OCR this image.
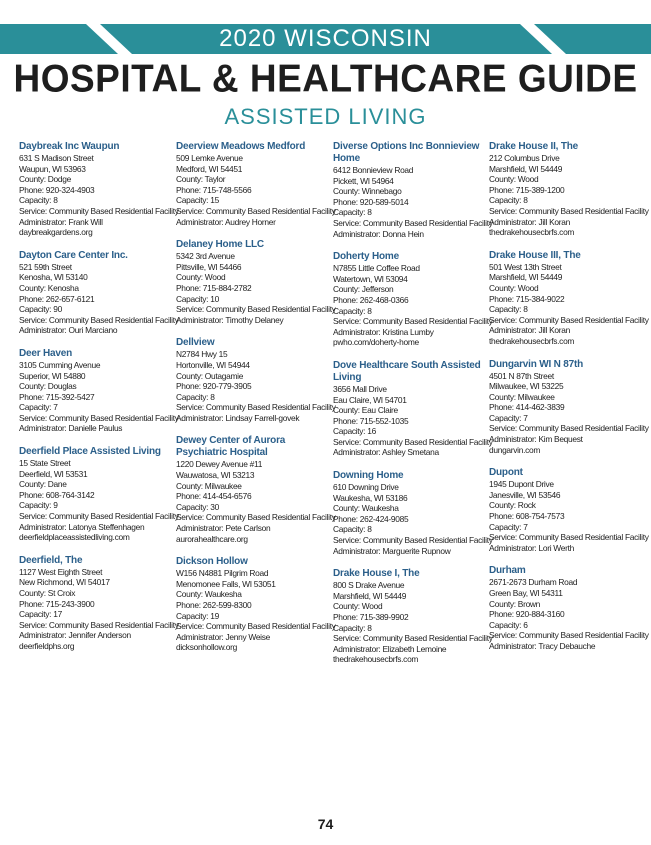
2020 WISCONSIN
HOSPITAL & HEALTHCARE GUIDE
ASSISTED LIVING
Daybreak Inc Waupun
631 S Madison Street
Waupun, WI 53963
County: Dodge
Phone: 920-324-4903
Capacity: 8
Service: Community Based Residential Facility
Administrator: Frank Will
daybreakgardens.org
Dayton Care Center Inc.
521 59th Street
Kenosha, WI 53140
County: Kenosha
Phone: 262-657-6121
Capacity: 90
Service: Community Based Residential Facility
Administrator: Ouri Marciano
Deer Haven
3105 Cumming Avenue
Superior, WI 54880
County: Douglas
Phone: 715-392-5427
Capacity: 7
Service: Community Based Residential Facility
Administrator: Danielle Paulus
Deerfield Place Assisted Living
15 State Street
Deerfield, WI 53531
County: Dane
Phone: 608-764-3142
Capacity: 9
Service: Community Based Residential Facility
Administrator: Latonya Steffenhagen
deerfieldplaceassistedliving.com
Deerfield, The
1127 West Eighth Street
New Richmond, WI 54017
County: St Croix
Phone: 715-243-3900
Capacity: 17
Service: Community Based Residential Facility
Administrator: Jennifer Anderson
deerfieldphs.org
Deerview Meadows Medford
509 Lemke Avenue
Medford, WI 54451
County: Taylor
Phone: 715-748-5566
Capacity: 15
Service: Community Based Residential Facility
Administrator: Audrey Horner
Delaney Home LLC
5342 3rd Avenue
Pittsville, WI 54466
County: Wood
Phone: 715-884-2782
Capacity: 10
Service: Community Based Residential Facility
Administrator: Timothy Delaney
Dellview
N2784 Hwy 15
Hortonville, WI 54944
County: Outagamie
Phone: 920-779-3905
Capacity: 8
Service: Community Based Residential Facility
Administrator: Lindsay Farrell-govek
Dewey Center of Aurora Psychiatric Hospital
1220 Dewey Avenue #11
Wauwatosa, WI 53213
County: Milwaukee
Phone: 414-454-6576
Capacity: 30
Service: Community Based Residential Facility
Administrator: Pete Carlson
aurorahealthcare.org
Dickson Hollow
W156 N4881 Pilgrim Road
Menomonee Falls, WI 53051
County: Waukesha
Phone: 262-599-8300
Capacity: 19
Service: Community Based Residential Facility
Administrator: Jenny Weise
dicksonhollow.org
Diverse Options Inc Bonnieview Home
6412 Bonnieview Road
Pickett, WI 54964
County: Winnebago
Phone: 920-589-5014
Capacity: 8
Service: Community Based Residential Facility
Administrator: Donna Hein
Doherty Home
N7855 Little Coffee Road
Watertown, WI 53094
County: Jefferson
Phone: 262-468-0366
Capacity: 8
Service: Community Based Residential Facility
Administrator: Kristina Lumby
pwho.com/doherty-home
Dove Healthcare South Assisted Living
3656 Mall Drive
Eau Claire, WI 54701
County: Eau Claire
Phone: 715-552-1035
Capacity: 16
Service: Community Based Residential Facility
Administrator: Ashley Smetana
Downing Home
610 Downing Drive
Waukesha, WI 53186
County: Waukesha
Phone: 262-424-9085
Capacity: 8
Service: Community Based Residential Facility
Administrator: Marguerite Rupnow
Drake House I, The
800 S Drake Avenue
Marshfield, WI 54449
County: Wood
Phone: 715-389-9902
Capacity: 8
Service: Community Based Residential Facility
Administrator: Elizabeth Lemoine
thedrakehousecbrfs.com
Drake House II, The
212 Columbus Drive
Marshfield, WI 54449
County: Wood
Phone: 715-389-1200
Capacity: 8
Service: Community Based Residential Facility
Administrator: Jill Koran
thedrakehousecbrfs.com
Drake House III, The
501 West 13th Street
Marshfield, WI 54449
County: Wood
Phone: 715-384-9022
Capacity: 8
Service: Community Based Residential Facility
Administrator: Jill Koran
thedrakehousecbrfs.com
Dungarvin WI N 87th
4501 N 87th Street
Milwaukee, WI 53225
County: Milwaukee
Phone: 414-462-3839
Capacity: 7
Service: Community Based Residential Facility
Administrator: Kim Bequest
dungarvin.com
Dupont
1945 Dupont Drive
Janesville, WI 53546
County: Rock
Phone: 608-754-7573
Capacity: 7
Service: Community Based Residential Facility
Administrator: Lori Werth
Durham
2671-2673 Durham Road
Green Bay, WI 54311
County: Brown
Phone: 920-884-3160
Capacity: 6
Service: Community Based Residential Facility
Administrator: Tracy Debauche
74
